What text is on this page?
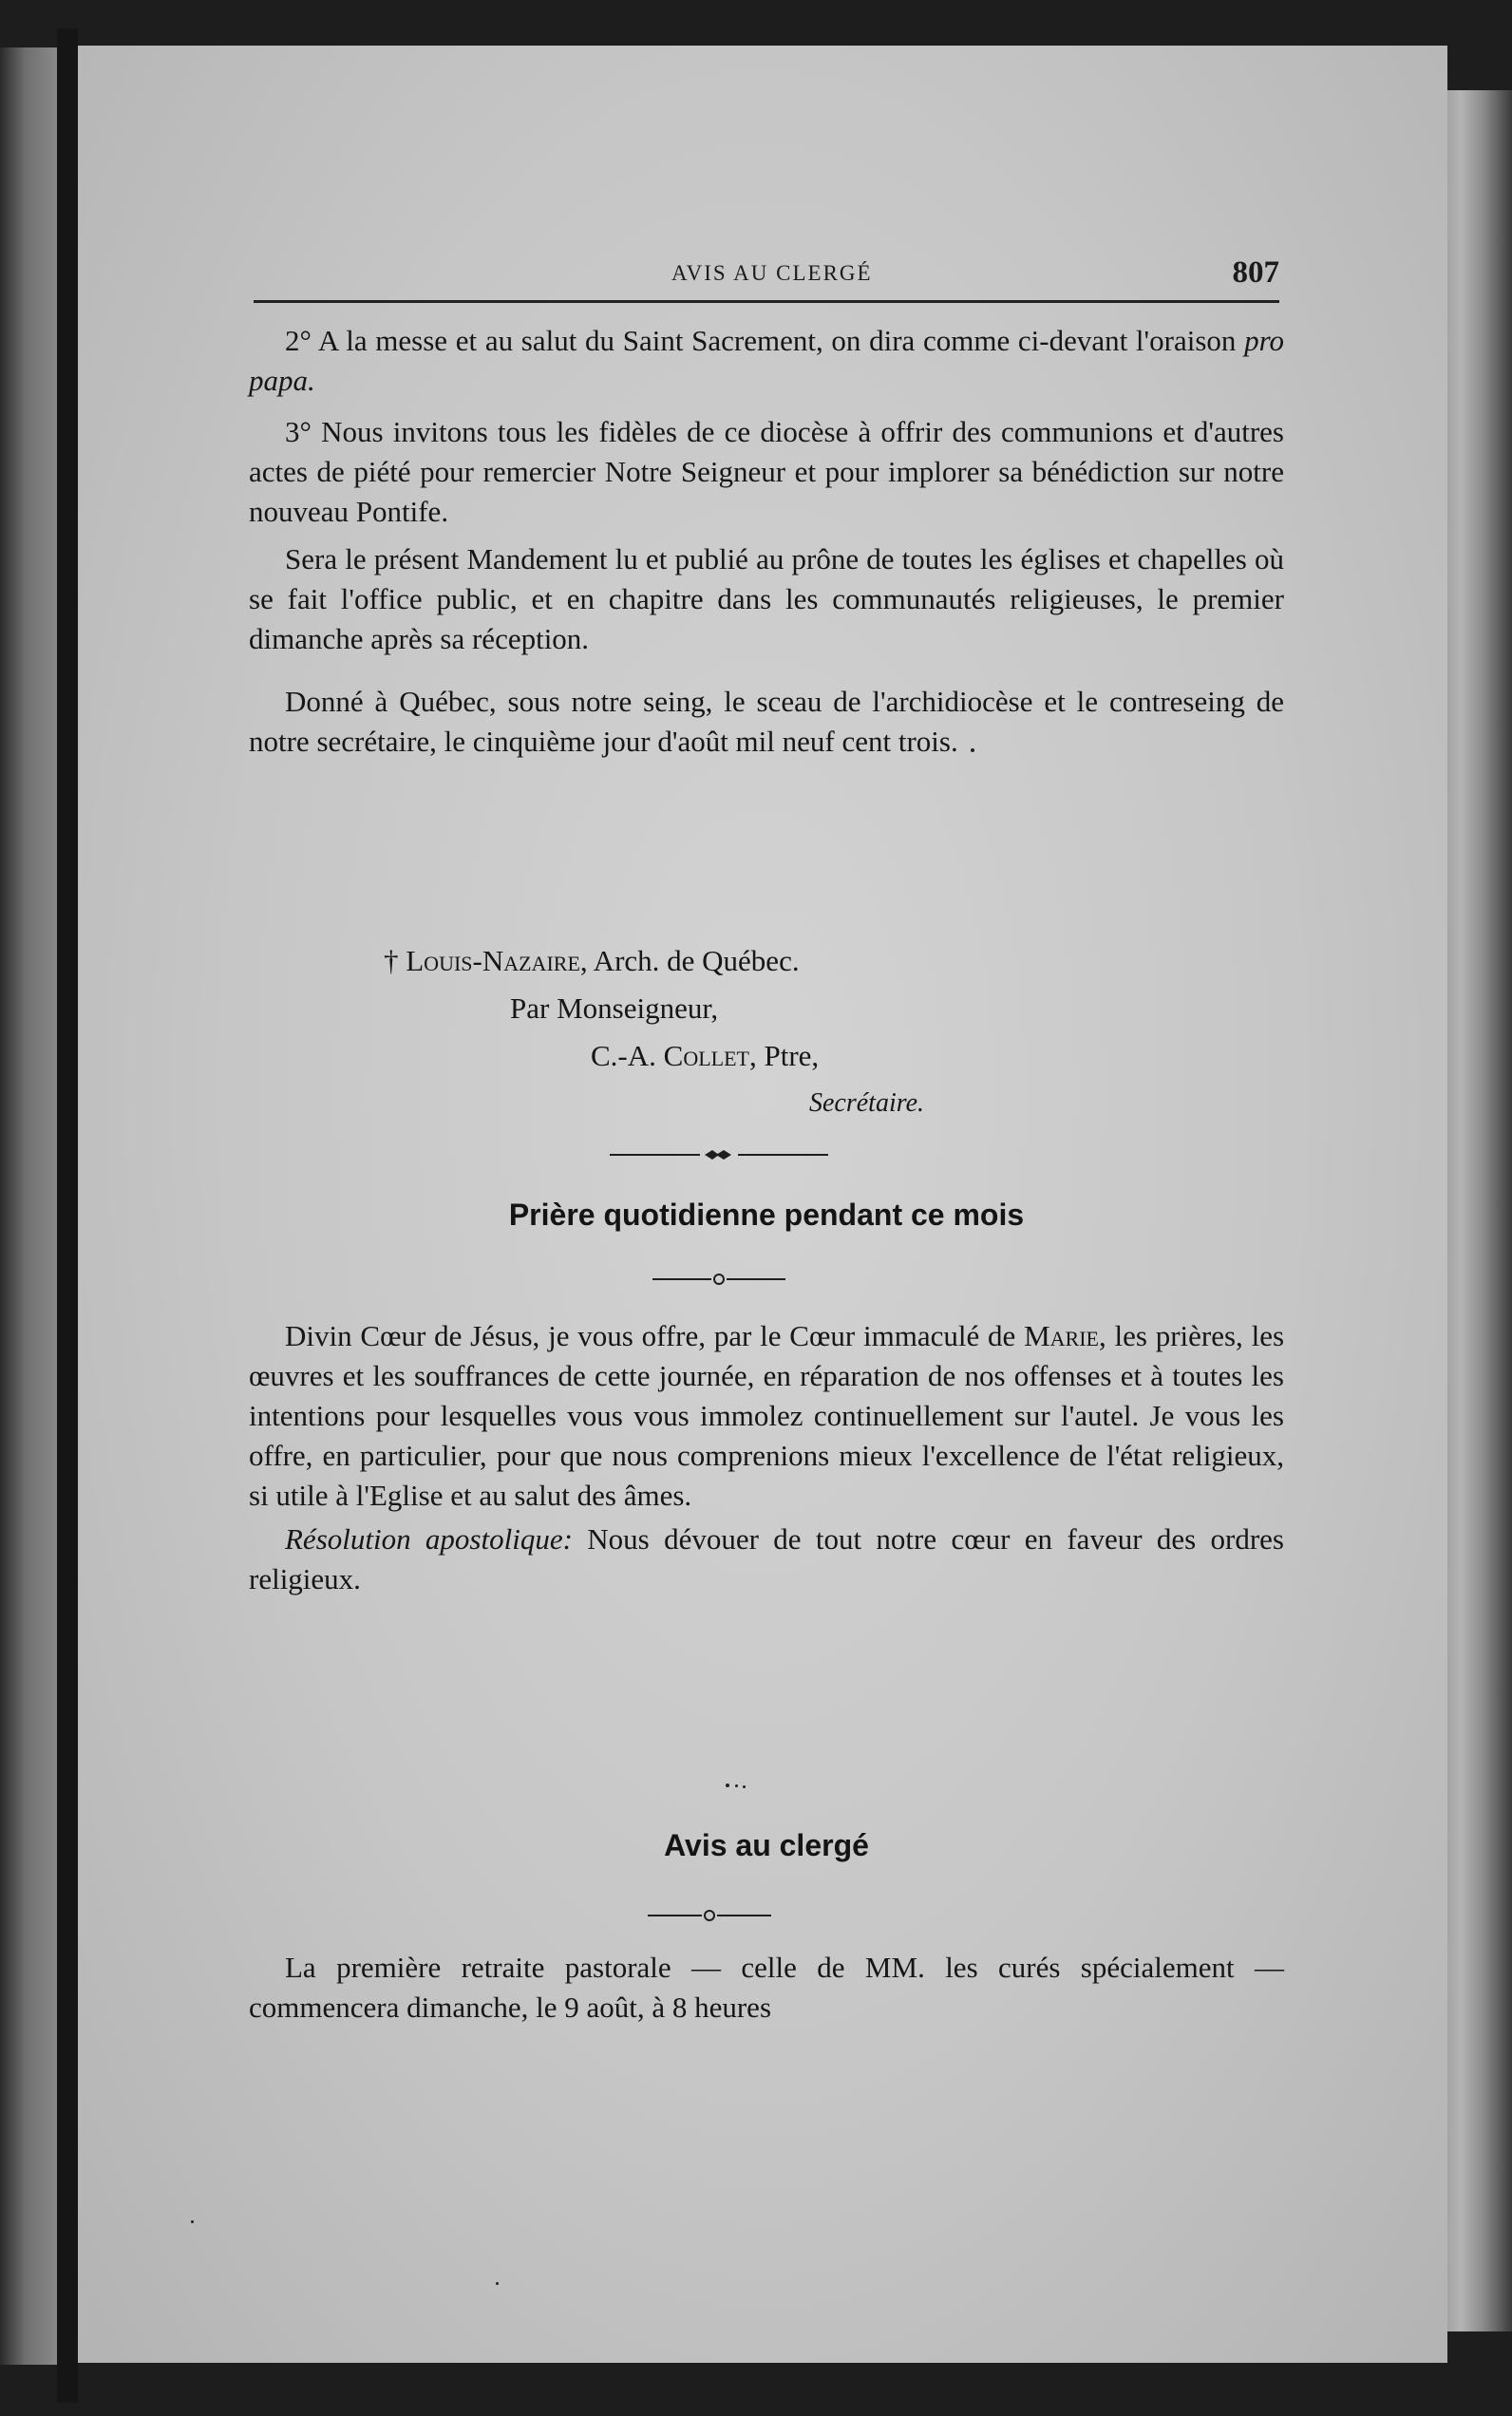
AVIS AU CLERGÉ	807

2° A la messe et au salut du Saint Sacrement, on dira comme ci-devant l'oraison pro papa.

3° Nous invitons tous les fidèles de ce diocèse à offrir des communions et d'autres actes de piété pour remercier Notre Seigneur et pour implorer sa bénédiction sur notre nouveau Pontife.

Sera le présent Mandement lu et publié au prône de toutes les églises et chapelles où se fait l'office public, et en chapitre dans les communautés religieuses, le premier dimanche après sa réception.

Donné à Québec, sous notre seing, le sceau de l'archidiocèse et le contreseing de notre secrétaire, le cinquième jour d'août mil neuf cent trois.

† Louis-Nazaire, Arch. de Québec.
Par Monseigneur,
C.-A. Collet, Ptre,
Secrétaire.
Prière quotidienne pendant ce mois

Divin Cœur de Jésus, je vous offre, par le Cœur immaculé de Marie, les prières, les œuvres et les souffrances de cette journée, en réparation de nos offenses et à toutes les intentions pour lesquelles vous vous immolez continuellement sur l'autel. Je vous les offre, en particulier, pour que nous comprenions mieux l'excellence de l'état religieux, si utile à l'Eglise et au salut des âmes.

Résolution apostolique: Nous dévouer de tout notre cœur en faveur des ordres religieux.

Avis au clergé

La première retraite pastorale — celle de MM. les curés spécialement — commencera dimanche, le 9 août, à 8 heures
